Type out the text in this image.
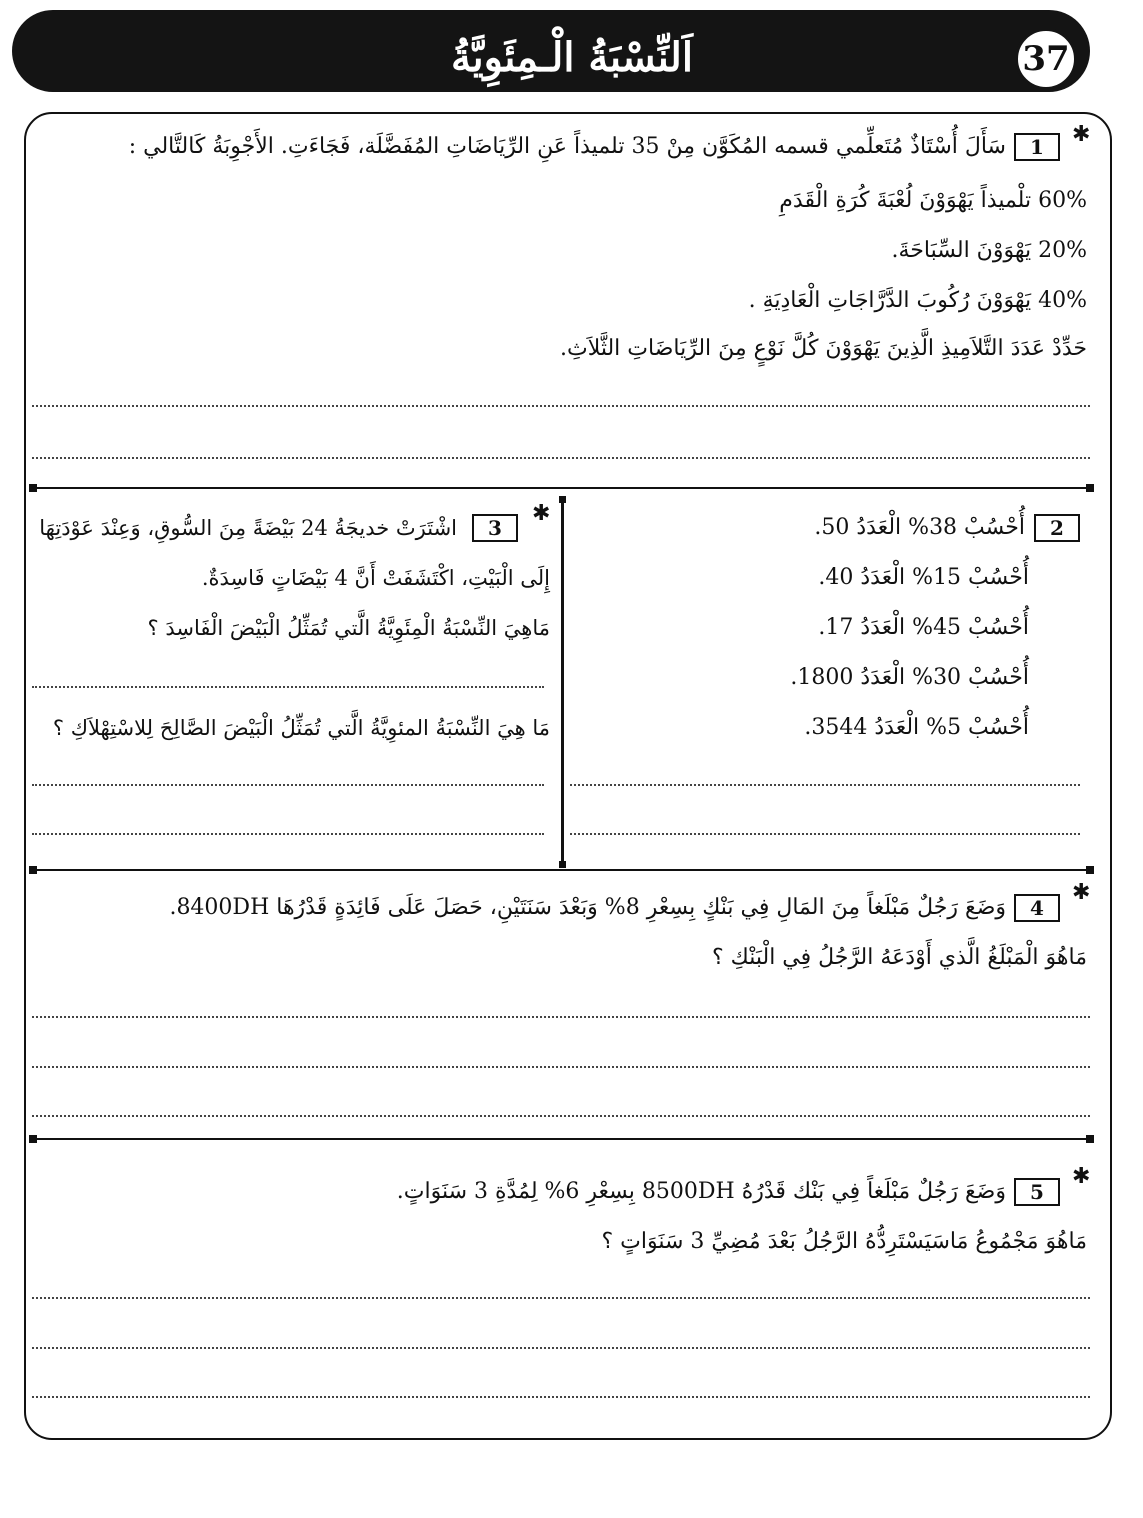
اَلنِّسْبَةُ الْـمِئَوِيَّةُ	37
✱
1
سَأَلَ أُسْتَاذٌ مُتَعلِّمي قسمه المُكَوَّن مِنْ 35 تلميذاً عَنِ الرِّيَاضَاتِ المُفَضَّلَة، فَجَاءَتِ. الأَجْوِبَةُ كَالتَّالي :
60% تلْميذاً يَهْوَوْنَ لُعْبَةَ كُرَةِ الْقَدَمِ
20% يَهْوَوْنَ السِّبَاحَةَ.
40% يَهْوَوْنَ رُكُوبَ الدَّرَّاجَاتِ الْعَادِيَةِ .
حَدِّدْ عَدَدَ التَّلاَمِيذِ الَّذِينَ يَهْوَوْنَ كُلَّ نَوْعٍ مِنَ الرِّيَاضَاتِ الثَّلاَثِ.
✱
3
اشْتَرَتْ خديجَةُ 24 بَيْضَةً مِنَ السُّوقِ، وَعِنْدَ عَوْدَتِهَا
إِلَى الْبَيْتِ، اكْتَشَفَتْ أَنَّ 4 بَيْضَاتٍ فَاسِدَةٌ.
مَاهِيَ النِّسْبَةُ الْمِئَوِيَّةُ الَّتي تُمَثِّلُ الْبَيْضَ الْفَاسِدَ ؟
مَا هِيَ النِّسْبَةُ المئوِيَّةُ الَّتي تُمَثِّلُ الْبَيْضَ الصَّالِحَ لِلاسْتِهْلاَكِ ؟
2
أُحْسُبْ 38% الْعَدَدُ 50.
أُحْسُبْ 15% الْعَدَدُ 40.
أُحْسُبْ 45% الْعَدَدُ 17.
أُحْسُبْ 30% الْعَدَدُ 1800.
أُحْسُبْ 5% الْعَدَدُ 3544.
✱
4
وَضَعَ رَجُلٌ مَبْلَغاً مِنَ المَالِ فِي بَنْكٍ بِسِعْرِ 8% وَبَعْدَ سَنَتَيْنِ، حَصَلَ عَلَى فَائِدَةٍ قَدْرُهَا 8400DH.
مَاهُوَ الْمَبْلَغُ الَّذي أَوْدَعَهُ الرَّجُلُ فِي الْبَنْكِ ؟
✱
5
وَضَعَ رَجُلٌ مَبْلَغاً فِي بَنْك قَدْرُهُ 8500DH بِسِعْرِ 6% لِمُدَّةِ 3 سَنَوَاتٍ.
مَاهُوَ مَجْمُوعُ مَاسَيَسْتَرِدُّهُ الرَّجُلُ بَعْدَ مُضِيِّ 3 سَنَوَاتٍ ؟
